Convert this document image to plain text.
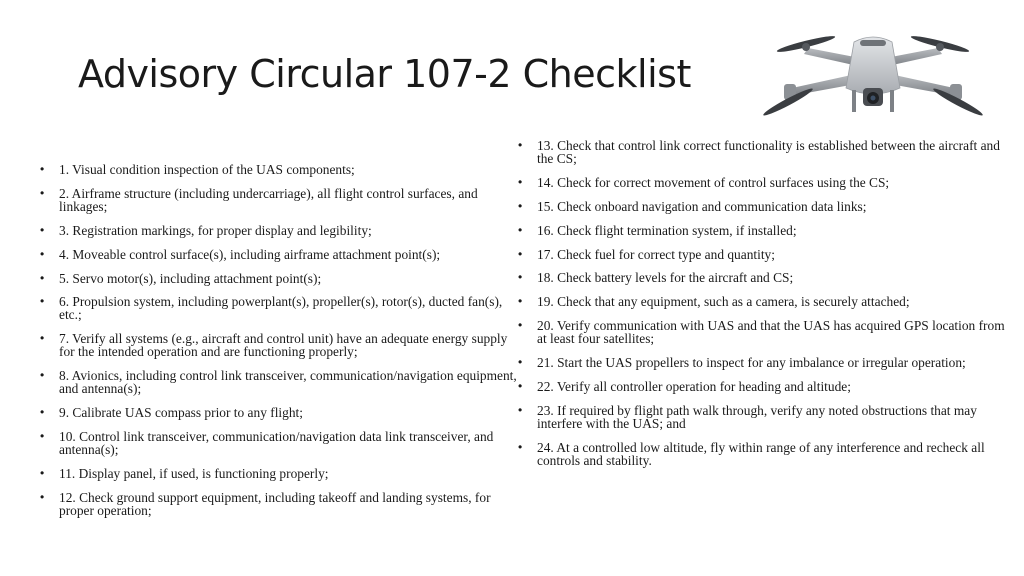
Advisory Circular 107-2 Checklist
• 1. Visual condition inspection of the UAS components;
• 2. Airframe structure (including undercarriage), all flight control surfaces, and linkages;
• 3. Registration markings, for proper display and legibility;
• 4. Moveable control surface(s), including airframe attachment point(s);
• 5. Servo motor(s), including attachment point(s);
• 6. Propulsion system, including powerplant(s), propeller(s), rotor(s), ducted fan(s), etc.;
• 7. Verify all systems (e.g., aircraft and control unit) have an adequate energy supply for the intended operation and are functioning properly;
• 8. Avionics, including control link transceiver, communication/navigation equipment, and antenna(s);
• 9. Calibrate UAS compass prior to any flight;
• 10. Control link transceiver, communication/navigation data link transceiver, and antenna(s);
• 11. Display panel, if used, is functioning properly;
• 12. Check ground support equipment, including takeoff and landing systems, for proper operation;
• 13. Check that control link correct functionality is established between the aircraft and the CS;
• 14. Check for correct movement of control surfaces using the CS;
• 15. Check onboard navigation and communication data links;
• 16. Check flight termination system, if installed;
• 17. Check fuel for correct type and quantity;
• 18. Check battery levels for the aircraft and CS;
• 19. Check that any equipment, such as a camera, is securely attached;
• 20. Verify communication with UAS and that the UAS has acquired GPS location from at least four satellites;
• 21. Start the UAS propellers to inspect for any imbalance or irregular operation;
• 22. Verify all controller operation for heading and altitude;
• 23. If required by flight path walk through, verify any noted obstructions that may interfere with the UAS; and
• 24. At a controlled low altitude, fly within range of any interference and recheck all controls and stability.
